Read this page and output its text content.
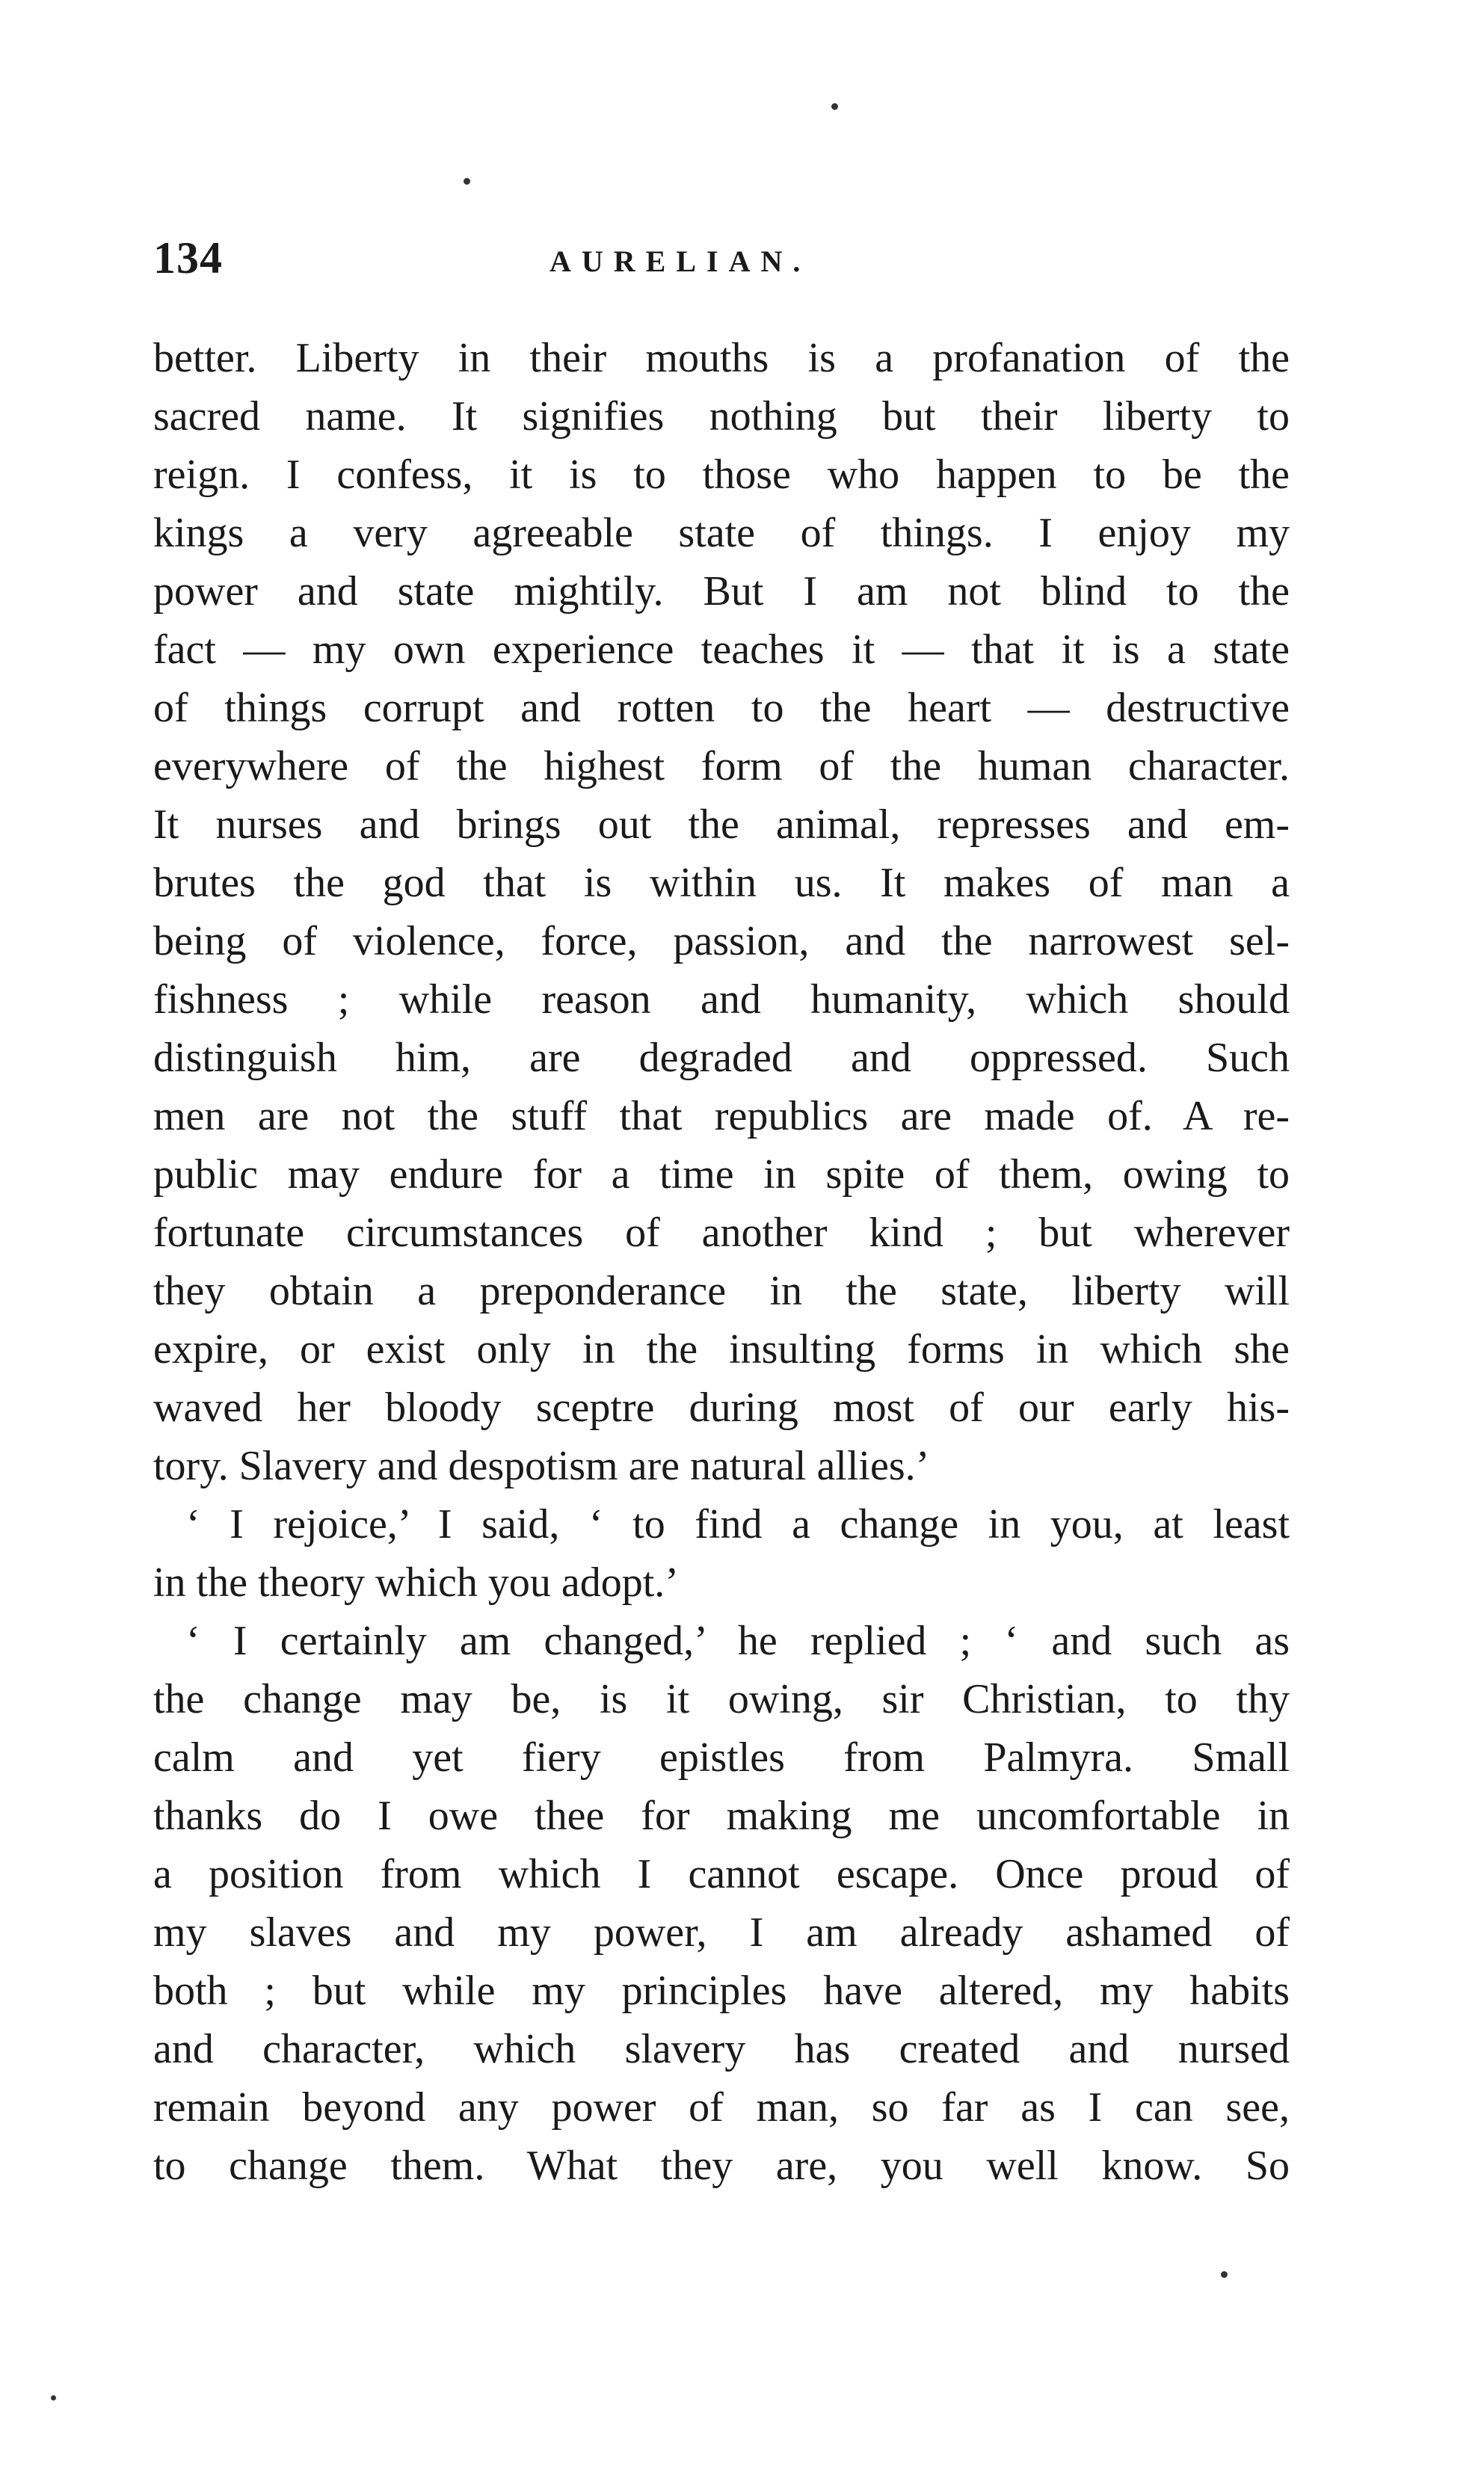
134	AURELIAN.
better. Liberty in their mouths is a profanation of the
sacred name. It signifies nothing but their liberty to
reign. I confess, it is to those who happen to be the
kings a very agreeable state of things. I enjoy my
power and state mightily. But I am not blind to the
fact — my own experience teaches it — that it is a state
of things corrupt and rotten to the heart — destructive
everywhere of the highest form of the human character.
It nurses and brings out the animal, represses and em-
brutes the god that is within us. It makes of man a
being of violence, force, passion, and the narrowest sel-
fishness ; while reason and humanity, which should
distinguish him, are degraded and oppressed. Such
men are not the stuff that republics are made of. A re-
public may endure for a time in spite of them, owing to
fortunate circumstances of another kind ; but wherever
they obtain a preponderance in the state, liberty will
expire, or exist only in the insulting forms in which she
waved her bloody sceptre during most of our early his-
tory. Slavery and despotism are natural allies.’
‘ I rejoice,’ I said, ‘ to find a change in you, at least
in the theory which you adopt.’
‘ I certainly am changed,’ he replied ; ‘ and such as
the change may be, is it owing, sir Christian, to thy
calm and yet fiery epistles from Palmyra. Small
thanks do I owe thee for making me uncomfortable in
a position from which I cannot escape. Once proud of
my slaves and my power, I am already ashamed of
both ; but while my principles have altered, my habits
and character, which slavery has created and nursed
remain beyond any power of man, so far as I can see,
to change them. What they are, you well know. So
